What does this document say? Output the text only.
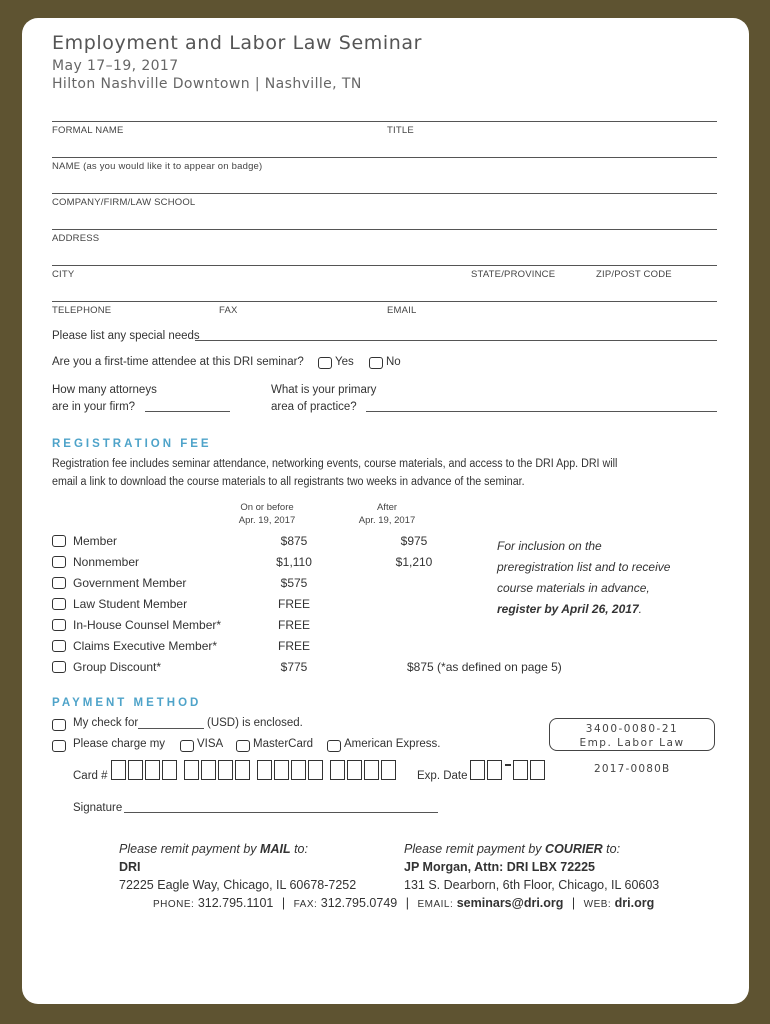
Employment and Labor Law Seminar
May 17–19, 2017
Hilton Nashville Downtown | Nashville, TN
FORMAL NAME	TITLE
NAME (as you would like it to appear on badge)
COMPANY/FIRM/LAW SCHOOL
ADDRESS
CITY	STATE/PROVINCE	ZIP/POST CODE
TELEPHONE	FAX	EMAIL
Please list any special needs
Are you a first-time attendee at this DRI seminar?	Yes	No
How many attorneys
are in your firm?
What is your primary
area of practice?
REGISTRATION FEE
Registration fee includes seminar attendance, networking events, course materials, and access to the DRI App. DRI will
email a link to download the course materials to all registrants two weeks in advance of the seminar.
On or before
Apr. 19, 2017
After
Apr. 19, 2017
Member	$875	$975
Nonmember	$1,110	$1,210
Government Member	$575
Law Student Member	FREE
In-House Counsel Member*	FREE
Claims Executive Member*	FREE
Group Discount*	$775	$875 (*as defined on page 5)
For inclusion on the
preregistration list and to receive
course materials in advance,
register by April 26, 2017.
PAYMENT METHOD
My check for	(USD) is enclosed.
Please charge my	VISA	MasterCard	American Express.
3400-0080-21
Emp. Labor Law
2017-0080B
Card #	Exp. Date
Signature
Please remit payment by MAIL to:
DRI
72225 Eagle Way, Chicago, IL 60678-7252
Please remit payment by COURIER to:
JP Morgan, Attn: DRI LBX 72225
131 S. Dearborn, 6th Floor, Chicago, IL 60603
PHONE: 312.795.1101 | FAX: 312.795.0749 | EMAIL: seminars@dri.org | WEB: dri.org
